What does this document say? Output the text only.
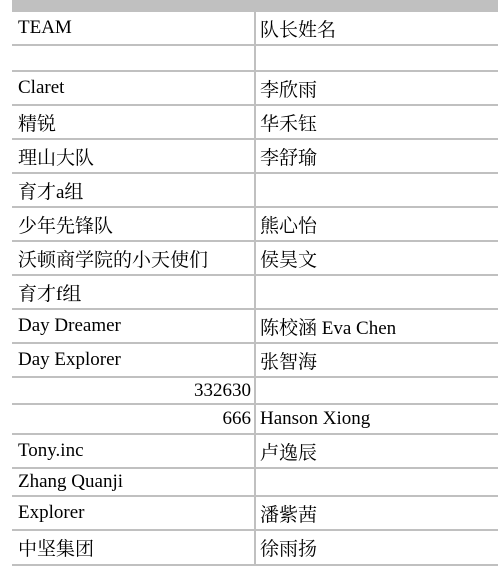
TEAM	队长姓名
Claret	李欣雨
精锐	华禾钰
理山大队	李舒瑜
育才a组
少年先锋队	熊心怡
沃顿商学院的小天使们	侯昊文
育才f组
Day Dreamer	陈校涵 Eva Chen
Day Explorer	张智海
332630
666 Hanson Xiong
Tony.inc	卢逸辰
Zhang Quanji
Explorer	潘紫茜
中坚集团	徐雨扬
